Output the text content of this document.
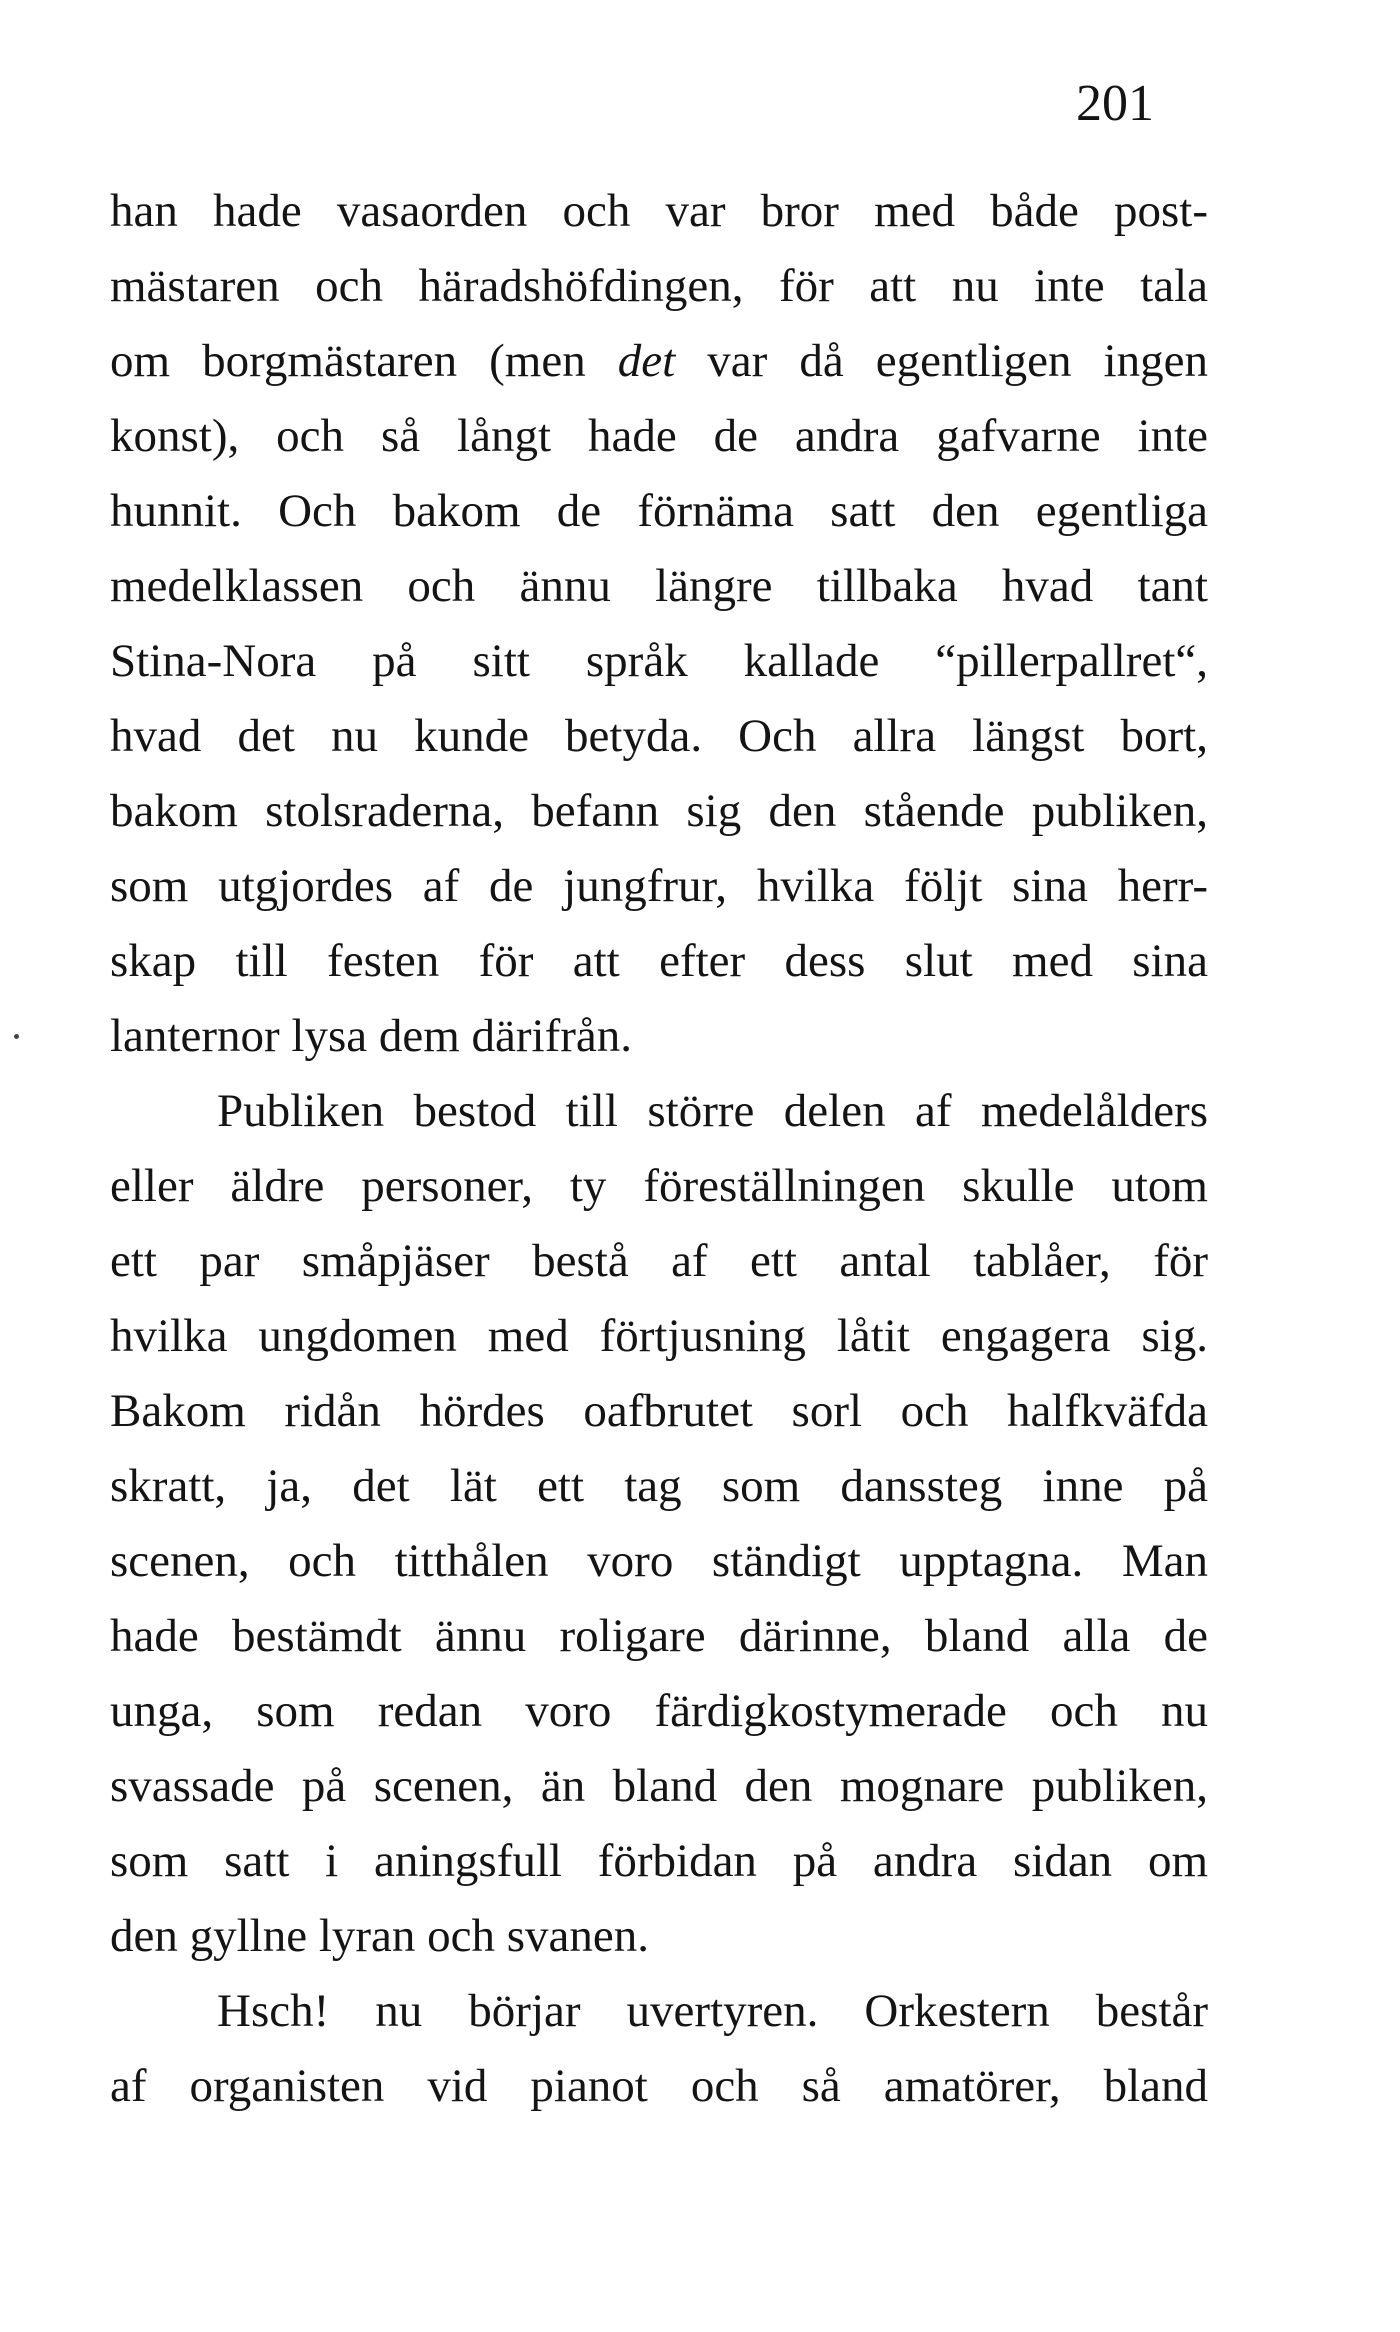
201
han hade vasaorden och var bror med både post-
mästaren och häradshöfdingen, för att nu inte tala
om borgmästaren (men det var då egentligen ingen
konst), och så långt hade de andra gafvarne inte
hunnit. Och bakom de förnäma satt den egentliga
medelklassen och ännu längre tillbaka hvad tant
Stina-Nora på sitt språk kallade “pillerpallret“,
hvad det nu kunde betyda. Och allra längst bort,
bakom stolsraderna, befann sig den stående publiken,
som utgjordes af de jungfrur, hvilka följt sina herr-
skap till festen för att efter dess slut med sina
lanternor lysa dem därifrån.
Publiken bestod till större delen af medelålders
eller äldre personer, ty föreställningen skulle utom
ett par småpjäser bestå af ett antal tablåer, för
hvilka ungdomen med förtjusning låtit engagera sig.
Bakom ridån hördes oafbrutet sorl och halfkväfda
skratt, ja, det lät ett tag som danssteg inne på
scenen, och titthålen voro ständigt upptagna. Man
hade bestämdt ännu roligare därinne, bland alla de
unga, som redan voro färdigkostymerade och nu
svassade på scenen, än bland den mognare publiken,
som satt i aningsfull förbidan på andra sidan om
den gyllne lyran och svanen.
Hsch! nu börjar uvertyren. Orkestern består
af organisten vid pianot och så amatörer, bland
